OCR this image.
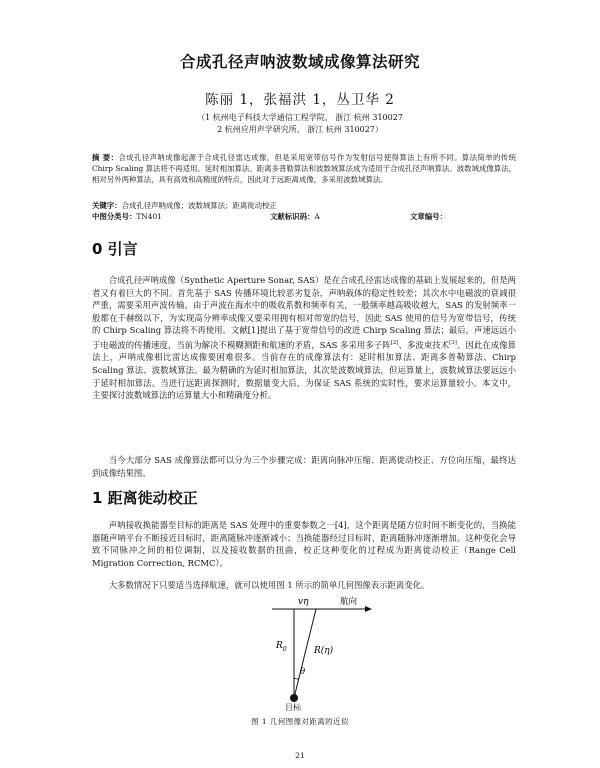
合成孔径声呐波数域成像算法研究
陈丽 1，张福洪 1，丛卫华 2
（1 杭州电子科技大学通信工程学院， 浙江 杭州 310027
2 杭州应用声学研究所， 浙江 杭州 310027）
摘 要：合成孔径声呐成像起源于合成孔径雷达成像，但是采用宽带信号作为发射信号使得算法上有所不同。算法简单的传统 Chirp Scaling 算法将不再适用。延时相加算法、距离多普勒算法和波数域算法成为适用于合成孔径声呐算法。波数域成像算法，相对另外两种算法，具有高效和高精度的特点，因此对于远距离成像，多采用波数域算法。
关键字：合成孔径声呐成像；波数域算法；距离徙动校正
中图分类号：TN401	文献标识码：A	文章编号：
0 引言
合成孔径声呐成像（Synthetic Aperture Sonar, SAS）是在合成孔径雷达成像的基础上发展起来的，但是两者又有着巨大的不同。首先基于 SAS 传播环境比较恶劣复杂，声呐载体的稳定性较差；其次水中电磁波的衰减很严重，需要采用声波传输。由于声波在海水中的吸收系数和频率有关，一般频率越高吸收越大，SAS 的发射频率一般都在千赫级以下，为实现高分辨率成像又要采用拥有相对带宽的信号，因此 SAS 使用的信号为宽带信号，传统的 Chirp Scaling 算法将不再使用。文献[1]提出了基于宽带信号的改进 Chirp Scaling 算法；最后，声速远远小于电磁波的传播速度，当前为解决不模糊测距和航速的矛盾，SAS 多采用多子阵[2]、多波束技术[3]。因此在成像算法上，声呐成像相比雷达成像要困难很多。当前存在的成像算法有：延时相加算法、距离多普勒算法、Chirp Scaling 算法、波数域算法。最为精确的为延时相加算法，其次是波数域算法，但运算量上，波数域算法要远远小于延时相加算法。当进行远距离探测时，数据量变大后，为保证 SAS 系统的实时性，要求运算量较小。本文中，主要探讨波数域算法的运算量大小和精确度分析。
当今大部分 SAS 成像算法都可以分为三个步骤完成：距离向脉冲压缩、距离徙动校正、方位向压缩，最终达到成像结果图。
1 距离徙动校正
声呐接收换能器至目标的距离是 SAS 处理中的重要参数之一[4]，这个距离是随方位时间不断变化的，当换能器随声呐平台不断接近目标时，距离随脉冲逐渐减小；当换能器经过目标时，距离随脉冲逐渐增加。这种变化会导致不同脉冲之间的相位调制，以及接收数据的扭曲，校正这种变化的过程成为距离徙动校正（Range Cell Migration Correction, RCMC）。
大多数情况下只要适当选择航速，就可以使用图 1 所示的简单几何图像表示距离变化。
vη	航向
$R_0$
θ
R(η)
目标
图 1 几何图像对距离的近似
21
